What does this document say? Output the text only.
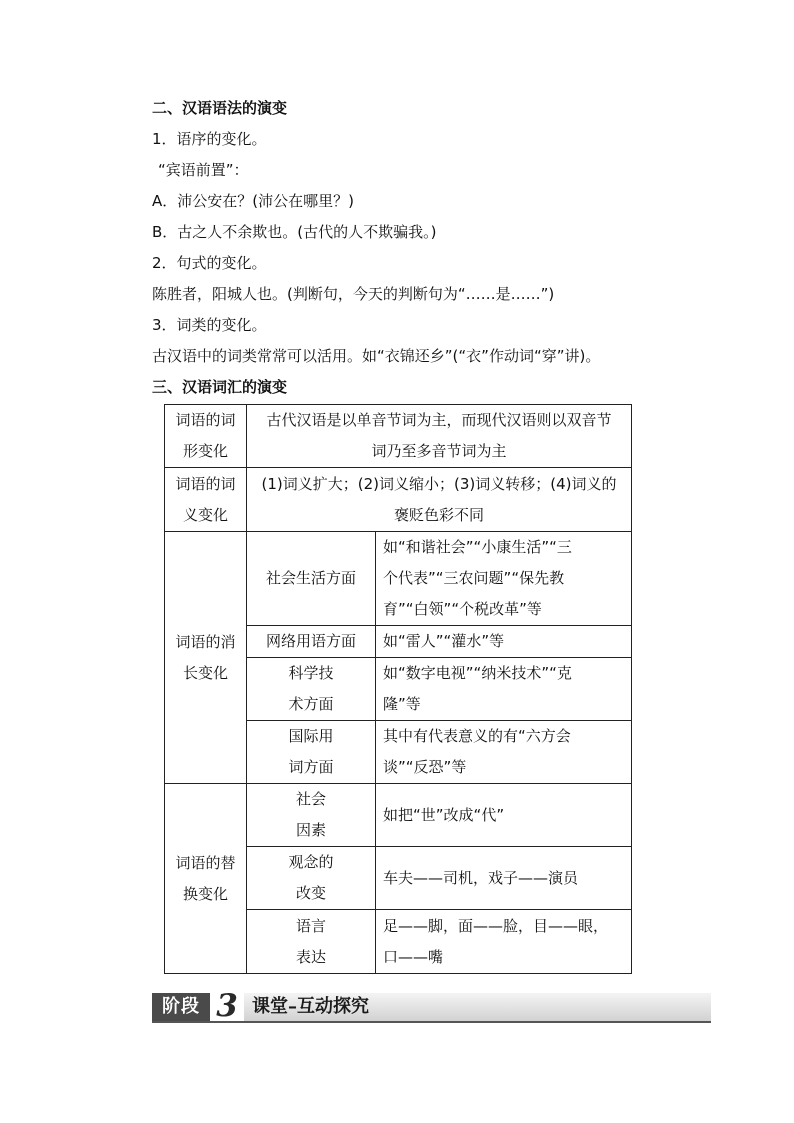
二、汉语语法的演变
1．语序的变化。
“宾语前置”：
A．沛公安在？(沛公在哪里？)
B．古之人不余欺也。(古代的人不欺骗我。)
2．句式的变化。
陈胜者，阳城人也。(判断句，今天的判断句为“……是……”)
3．词类的变化。
古汉语中的词类常常可以活用。如“衣锦还乡”(“衣”作动词“穿”讲)。
三、汉语词汇的演变
词语的词
形变化	古代汉语是以单音节词为主，而现代汉语则以双音节
词乃至多音节词为主	
词语的词
义变化	(1)词义扩大；(2)词义缩小；(3)词义转移；(4)词义的
褒贬色彩不同	
词语的消
长变化	社会生活方面	如“和谐社会”“小康生活”“三
个代表”“三农问题”“保先教
育”“白领”“个税改革”等
	网络用语方面	如“雷人”“灌水”等
	科学技
术方面	如“数字电视”“纳米技术”“克
隆”等
	国际用
词方面	其中有代表意义的有“六方会
谈”“反恐”等
词语的替
换变化	社会
因素	如把“世”改成“代”
	观念的
改变	车夫——司机，戏子——演员
	语言
表达	足——脚，面——脸，目——眼，
口——嘴
阶段 3 课堂–互动探究
